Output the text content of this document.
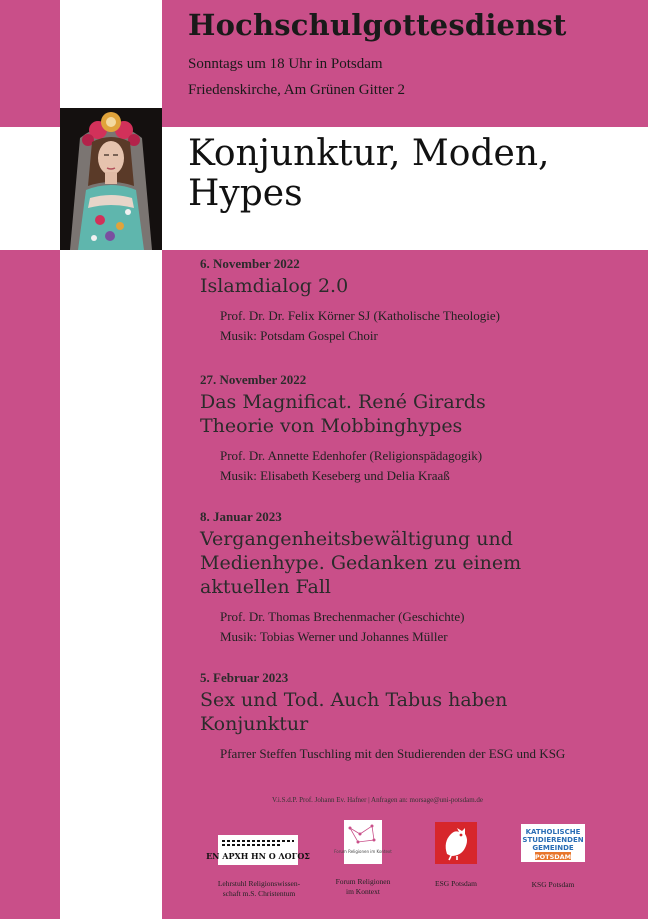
Hochschulgottesdienst

Sonntags um 18 Uhr in Potsdam

Friedenskirche, Am Grünen Gitter 2

Konjunktur, Moden,
Hypes

6. November 2022

Islamdialog 2.0

Prof. Dr. Dr. Felix Körner SJ (Katholische Theologie)

Musik: Potsdam Gospel Choir

27. November 2022

Das Magnificat. René Girards
Theorie von Mobbinghypes

Prof. Dr. Annette Edenhofer (Religionspädagogik)

Musik: Elisabeth Keseberg und Delia Kraaß

8. Januar 2023

Vergangenheitsbewältigung und
Medienhype. Gedanken zu einem
aktuellen Fall

Prof. Dr. Thomas Brechenmacher (Geschichte)

Musik: Tobias Werner und Johannes Müller

5. Februar 2023

Sex und Tod. Auch Tabus haben
Konjunktur

Pfarrer Steffen Tuschling mit den Studierenden der ESG und KSG

V.i.S.d.P. Prof. Johann Ev. Hafner | Anfragen an: morsage@uni-potsdam.de
EN ΑΡΧΗ ΗΝ Ο ΛΟΓΟΣ
Lehrstuhl Religionswissen-
schaft m.S. Christentum
Forum Religionen im Kontext
Forum Religionen
im Kontext
ESG Potsdam
KATHOLISCHE
STUDIERENDEN
GEMEINDE
POTSDAM
KSG Potsdam
